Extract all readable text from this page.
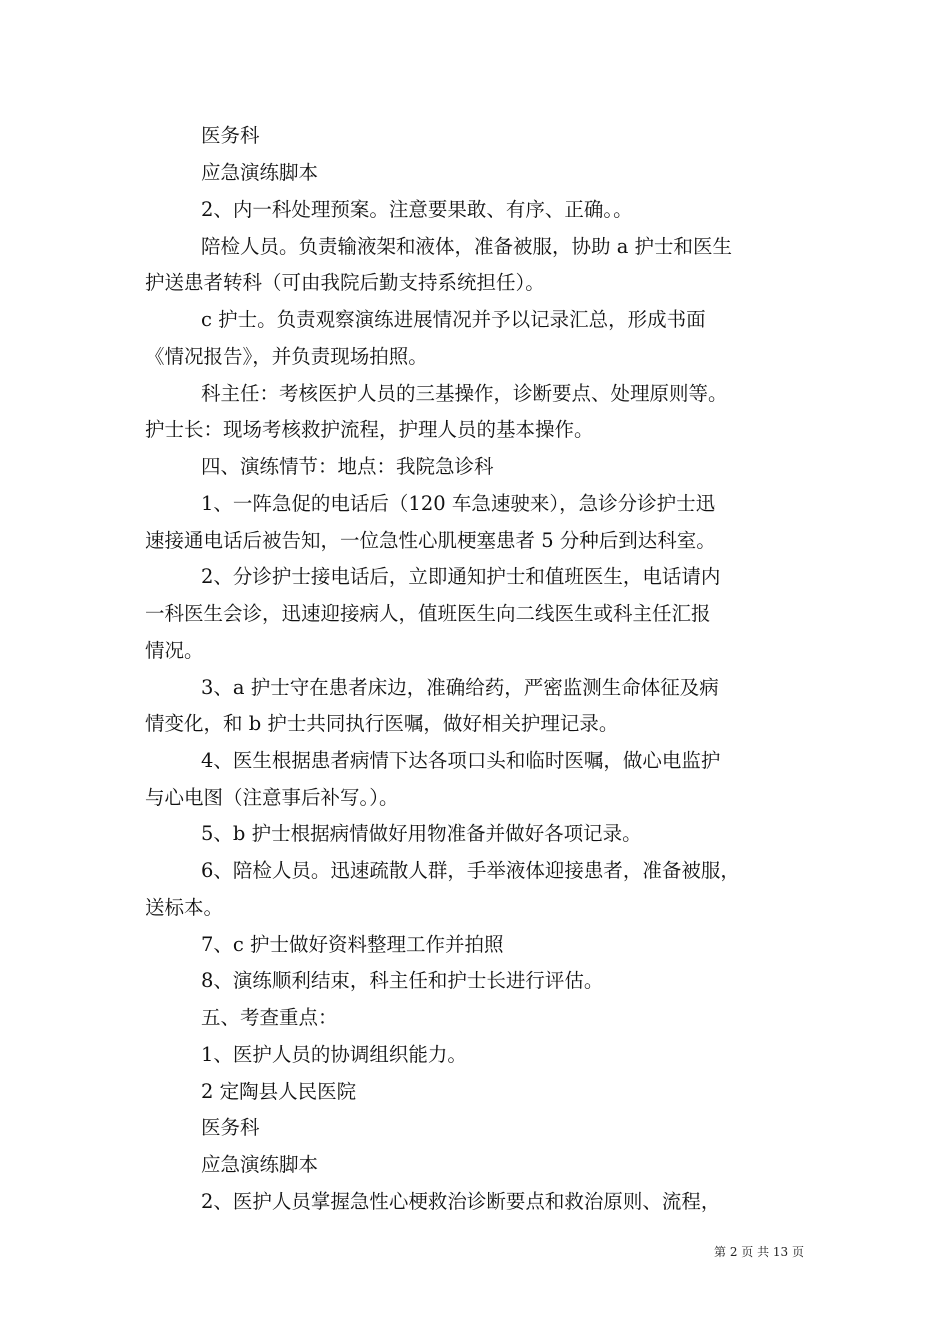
医务科
应急演练脚本
2、内一科处理预案。注意要果敢、有序、正确。。
陪检人员。负责输液架和液体，准备被服，协助 a 护士和医生
护送患者转科（可由我院后勤支持系统担任）。
c 护士。负责观察演练进展情况并予以记录汇总，形成书面
《情况报告》，并负责现场拍照。
科主任：考核医护人员的三基操作，诊断要点、处理原则等。
护士长：现场考核救护流程，护理人员的基本操作。
四、演练情节：地点：我院急诊科
1、一阵急促的电话后（120 车急速驶来），急诊分诊护士迅
速接通电话后被告知，一位急性心肌梗塞患者 5 分种后到达科室。
2、分诊护士接电话后，立即通知护士和值班医生，电话请内
一科医生会诊，迅速迎接病人，值班医生向二线医生或科主任汇报
情况。
3、a 护士守在患者床边，准确给药，严密监测生命体征及病
情变化，和 b 护士共同执行医嘱，做好相关护理记录。
4、医生根据患者病情下达各项口头和临时医嘱，做心电监护
与心电图（注意事后补写。）。
5、b 护士根据病情做好用物准备并做好各项记录。
6、陪检人员。迅速疏散人群，手举液体迎接患者，准备被服，
送标本。
7、c 护士做好资料整理工作并拍照
8、演练顺利结束，科主任和护士长进行评估。
五、考查重点：
1、医护人员的协调组织能力。
2 定陶县人民医院
医务科
应急演练脚本
2、医护人员掌握急性心梗救治诊断要点和救治原则、流程，
第 2 页 共 13 页
